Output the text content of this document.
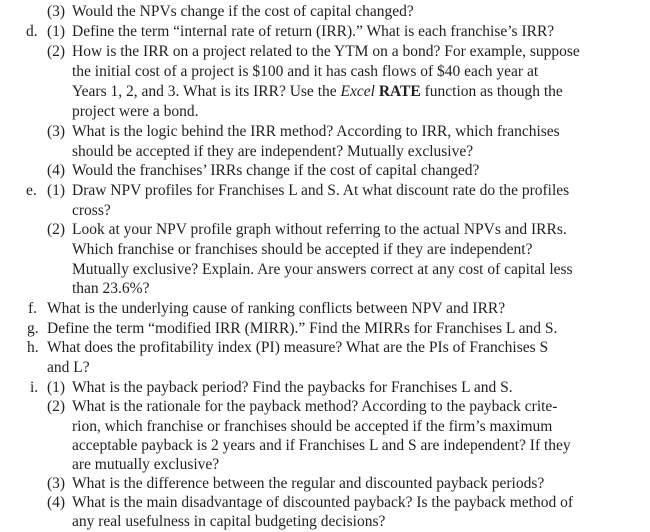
(3) Would the NPVs change if the cost of capital changed?
d. (1) Define the term “internal rate of return (IRR).” What is each franchise’s IRR?
(2) How is the IRR on a project related to the YTM on a bond? For example, suppose
the initial cost of a project is $100 and it has cash flows of $40 each year at
Years 1, 2, and 3. What is its IRR? Use the Excel RATE function as though the
project were a bond.
(3) What is the logic behind the IRR method? According to IRR, which franchises
should be accepted if they are independent? Mutually exclusive?
(4) Would the franchises’ IRRs change if the cost of capital changed?
e. (1) Draw NPV profiles for Franchises L and S. At what discount rate do the profiles
cross?
(2) Look at your NPV profile graph without referring to the actual NPVs and IRRs.
Which franchise or franchises should be accepted if they are independent?
Mutually exclusive? Explain. Are your answers correct at any cost of capital less
than 23.6%?
f. What is the underlying cause of ranking conflicts between NPV and IRR?
g. Define the term “modified IRR (MIRR).” Find the MIRRs for Franchises L and S.
h. What does the profitability index (PI) measure? What are the PIs of Franchises S
and L?
i. (1) What is the payback period? Find the paybacks for Franchises L and S.
(2) What is the rationale for the payback method? According to the payback crite-
rion, which franchise or franchises should be accepted if the firm’s maximum
acceptable payback is 2 years and if Franchises L and S are independent? If they
are mutually exclusive?
(3) What is the difference between the regular and discounted payback periods?
(4) What is the main disadvantage of discounted payback? Is the payback method of
any real usefulness in capital budgeting decisions?
